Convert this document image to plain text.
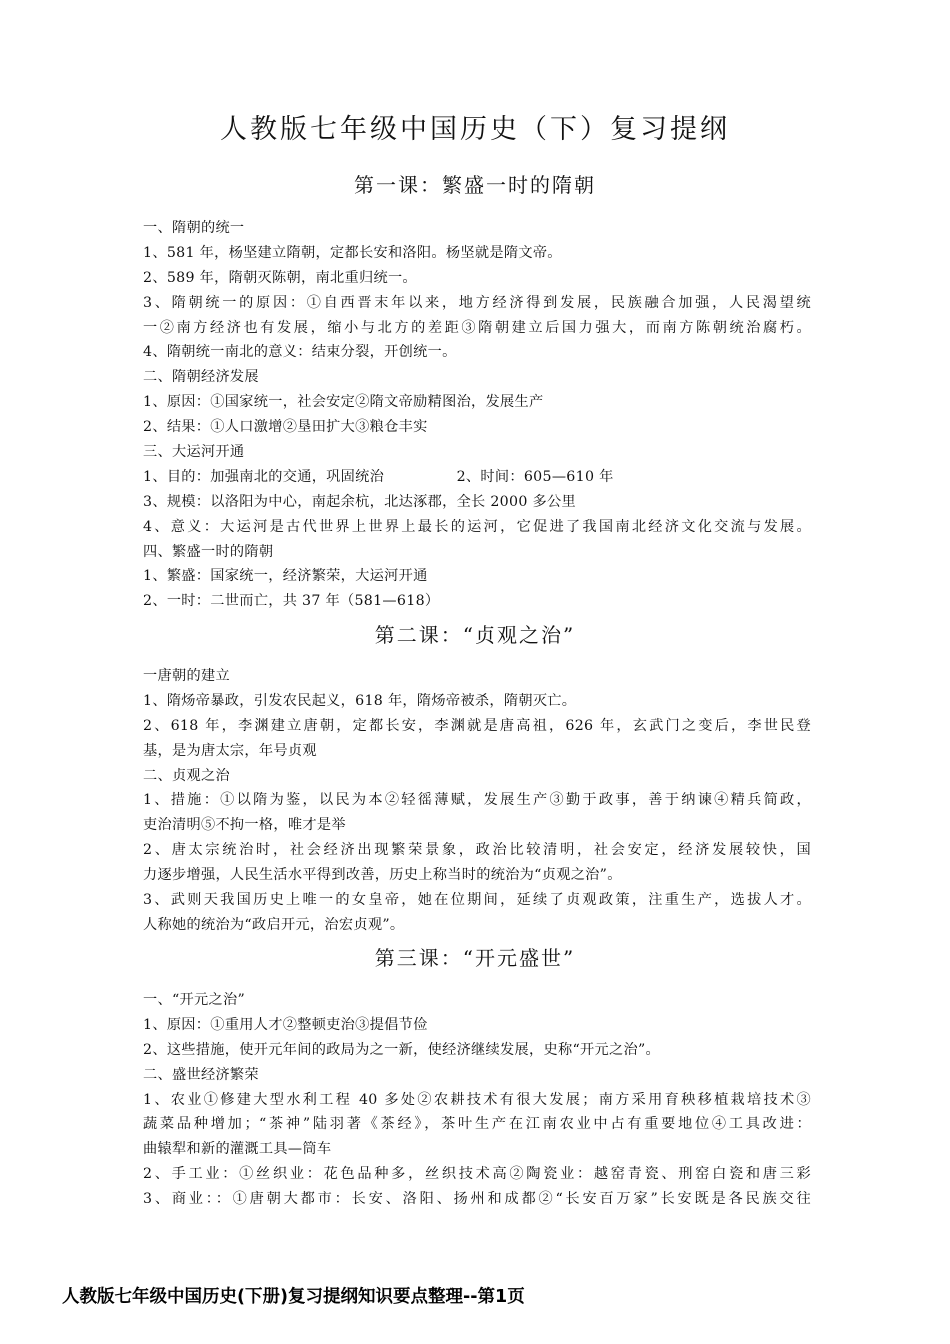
人教版七年级中国历史（下）复习提纲
第一课：繁盛一时的隋朝
一、隋朝的统一
1、581 年，杨坚建立隋朝，定都长安和洛阳。杨坚就是隋文帝。
2、589 年，隋朝灭陈朝，南北重归统一。
3、隋朝统一的原因：①自西晋末年以来，地方经济得到发展，民族融合加强，人民渴望统
一②南方经济也有发展，缩小与北方的差距③隋朝建立后国力强大，而南方陈朝统治腐朽。
4、隋朝统一南北的意义：结束分裂，开创统一。
二、隋朝经济发展
1、原因：①国家统一，社会安定②隋文帝励精图治，发展生产
2、结果：①人口激增②垦田扩大③粮仓丰实
三、大运河开通
1、目的：加强南北的交通，巩固统治　　　　　2、时间：605—610 年
3、规模：以洛阳为中心，南起余杭，北达涿郡，全长 2000 多公里
4、意义：大运河是古代世界上世界上最长的运河，它促进了我国南北经济文化交流与发展。
四、繁盛一时的隋朝
1、繁盛：国家统一，经济繁荣，大运河开通
2、一时：二世而亡，共 37 年（581—618）
第二课：“贞观之治”
一唐朝的建立
1、隋炀帝暴政，引发农民起义，618 年，隋炀帝被杀，隋朝灭亡。
2、618 年，李渊建立唐朝，定都长安，李渊就是唐高祖，626 年，玄武门之变后，李世民登
基，是为唐太宗，年号贞观
二、贞观之治
1、措施：①以隋为鉴，以民为本②轻徭薄赋，发展生产③勤于政事，善于纳谏④精兵简政，
吏治清明⑤不拘一格，唯才是举
2、唐太宗统治时，社会经济出现繁荣景象，政治比较清明，社会安定，经济发展较快，国
力逐步增强，人民生活水平得到改善，历史上称当时的统治为“贞观之治”。
3、武则天我国历史上唯一的女皇帝，她在位期间，延续了贞观政策，注重生产，选拔人才。
人称她的统治为“政启开元，治宏贞观”。
第三课：“开元盛世”
一、“开元之治”
1、原因：①重用人才②整顿吏治③提倡节俭
2、这些措施，使开元年间的政局为之一新，使经济继续发展，史称“开元之治”。
二、盛世经济繁荣
1、农业①修建大型水利工程 40 多处②农耕技术有很大发展；南方采用育秧移植栽培技术③
蔬菜品种增加；“茶神”陆羽著《茶经》，茶叶生产在江南农业中占有重要地位④工具改进：
曲辕犁和新的灌溉工具—筒车
2、手工业：①丝织业：花色品种多，丝织技术高②陶瓷业：越窑青瓷、刑窑白瓷和唐三彩
3、商业：：①唐朝大都市：长安、洛阳、扬州和成都②“长安百万家”长安既是各民族交往
人教版七年级中国历史(下册)复习提纲知识要点整理--第1页
